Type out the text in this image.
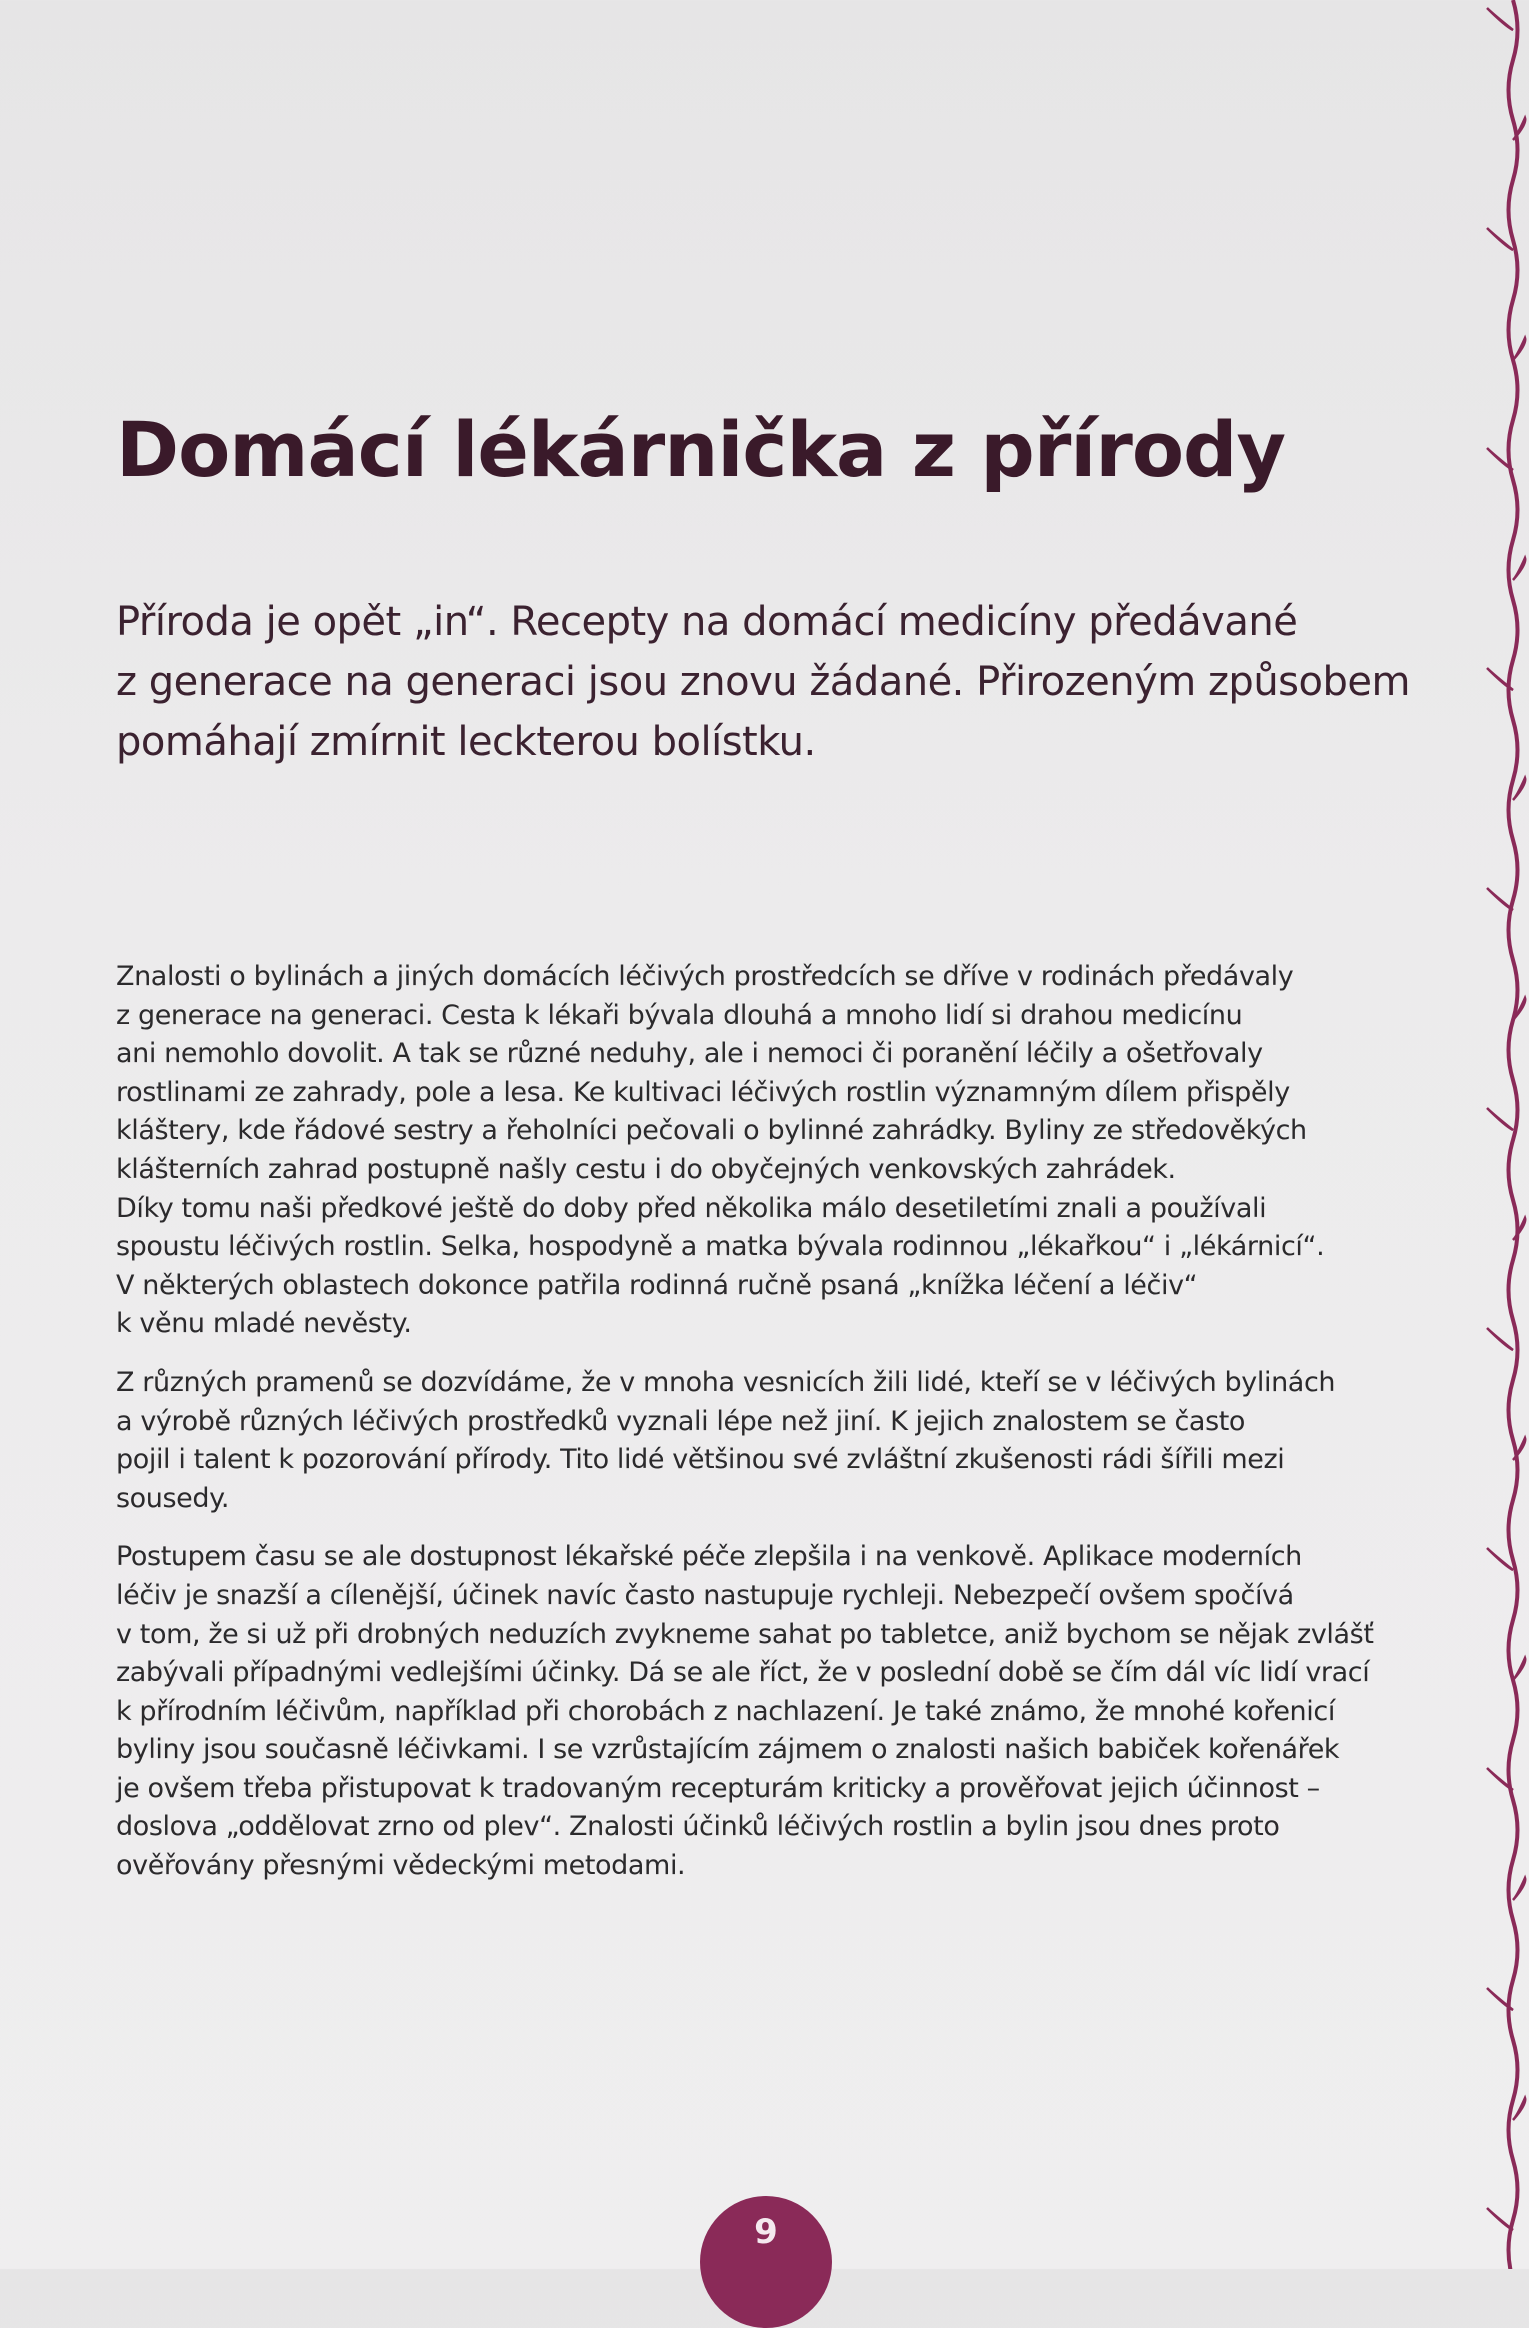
Domácí lékárnička z přírody

Příroda je opět „in“. Recepty na domácí medicíny předávané
z generace na generaci jsou znovu žádané. Přirozeným způsobem
pomáhají zmírnit leckterou bolístku.

Znalosti o bylinách a jiných domácích léčivých prostředcích se dříve v rodinách předávaly
z generace na generaci. Cesta k lékaři bývala dlouhá a mnoho lidí si drahou medicínu
ani nemohlo dovolit. A tak se různé neduhy, ale i nemoci či poranění léčily a ošetřovaly
rostlinami ze zahrady, pole a lesa. Ke kultivaci léčivých rostlin významným dílem přispěly
kláštery, kde řádové sestry a řeholníci pečovali o bylinné zahrádky. Byliny ze středověkých
klášterních zahrad postupně našly cestu i do obyčejných venkovských zahrádek.
Díky tomu naši předkové ještě do doby před několika málo desetiletími znali a používali
spoustu léčivých rostlin. Selka, hospodyně a matka bývala rodinnou „lékařkou“ i „lékárnicí“.
V některých oblastech dokonce patřila rodinná ručně psaná „knížka léčení a léčiv“
k věnu mladé nevěsty.

Z různých pramenů se dozvídáme, že v mnoha vesnicích žili lidé, kteří se v léčivých bylinách
a výrobě různých léčivých prostředků vyznali lépe než jiní. K jejich znalostem se často
pojil i talent k pozorování přírody. Tito lidé většinou své zvláštní zkušenosti rádi šířili mezi
sousedy.

Postupem času se ale dostupnost lékařské péče zlepšila i na venkově. Aplikace moderních
léčiv je snazší a cílenější, účinek navíc často nastupuje rychleji. Nebezpečí ovšem spočívá
v tom, že si už při drobných neduzích zvykneme sahat po tabletce, aniž bychom se nějak zvlášť
zabývali případnými vedlejšími účinky. Dá se ale říct, že v poslední době se čím dál víc lidí vrací
k přírodním léčivům, například při chorobách z nachlazení. Je také známo, že mnohé kořenicí
byliny jsou současně léčivkami. I se vzrůstajícím zájmem o znalosti našich babiček kořenářek
je ovšem třeba přistupovat k tradovaným recepturám kriticky a prověřovat jejich účinnost –
doslova „oddělovat zrno od plev“. Znalosti účinků léčivých rostlin a bylin jsou dnes proto
ověřovány přesnými vědeckými metodami.

9
